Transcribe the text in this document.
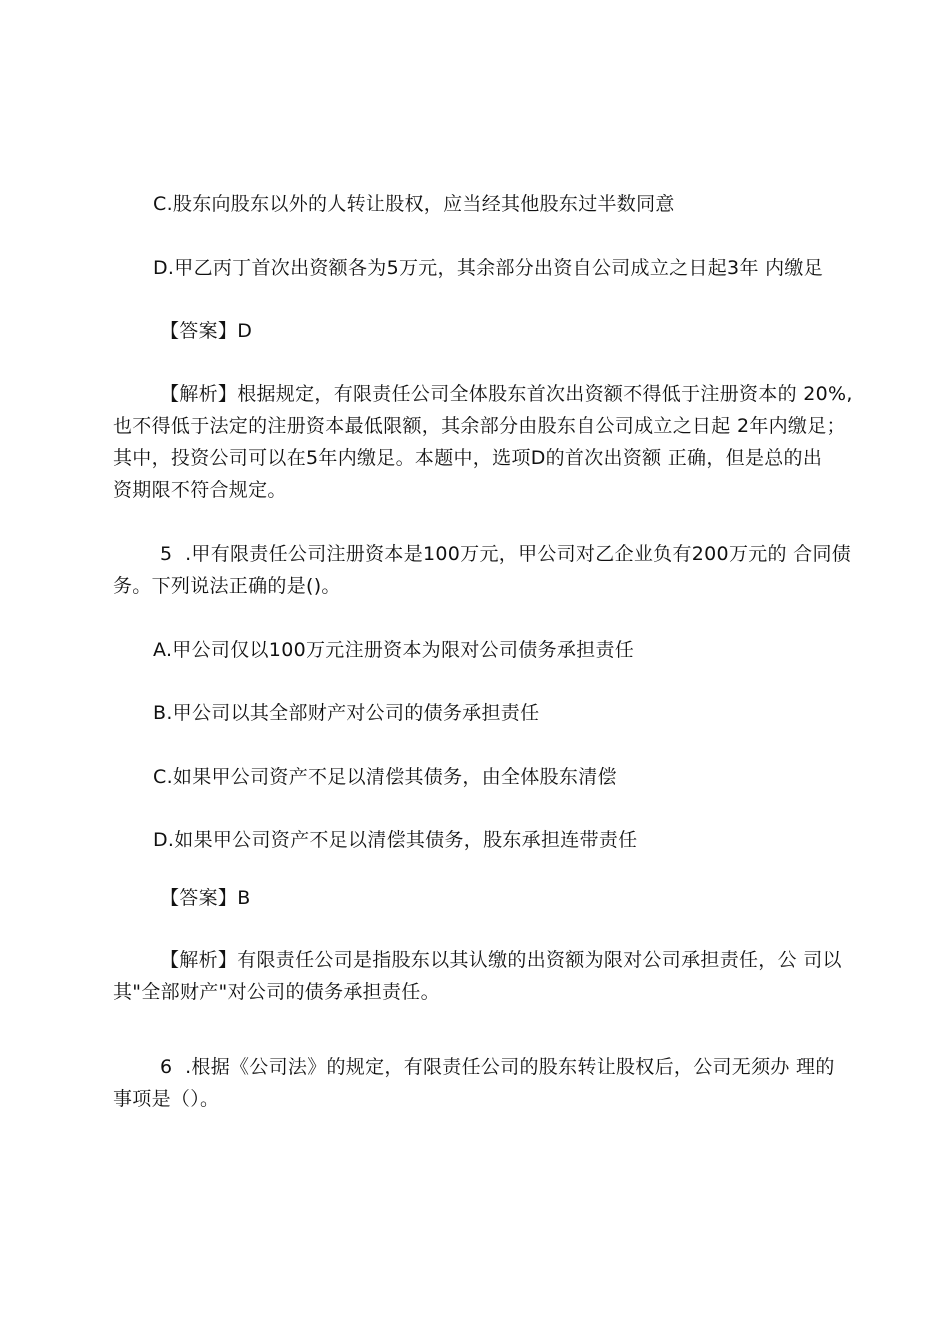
C.股东向股东以外的人转让股权，应当经其他股东过半数同意
D.甲乙丙丁首次出资额各为5万元，其余部分出资自公司成立之日起3年 内缴足
【答案】D
【解析】根据规定，有限责任公司全体股东首次出资额不得低于注册资本的 20%,
也不得低于法定的注册资本最低限额，其余部分由股东自公司成立之日起 2年内缴足；
其中，投资公司可以在5年内缴足。本题中，选项D的首次出资额 正确，但是总的出
资期限不符合规定。
5  .甲有限责任公司注册资本是100万元，甲公司对乙企业负有200万元的 合同债
务。下列说法正确的是()。
A.甲公司仅以100万元注册资本为限对公司债务承担责任
B.甲公司以其全部财产对公司的债务承担责任
C.如果甲公司资产不足以清偿其债务，由全体股东清偿
D.如果甲公司资产不足以清偿其债务，股东承担连带责任
【答案】B
【解析】有限责任公司是指股东以其认缴的出资额为限对公司承担责任，公 司以
其"全部财产"对公司的债务承担责任。
6  .根据《公司法》的规定，有限责任公司的股东转让股权后，公司无须办 理的
事项是（）。
